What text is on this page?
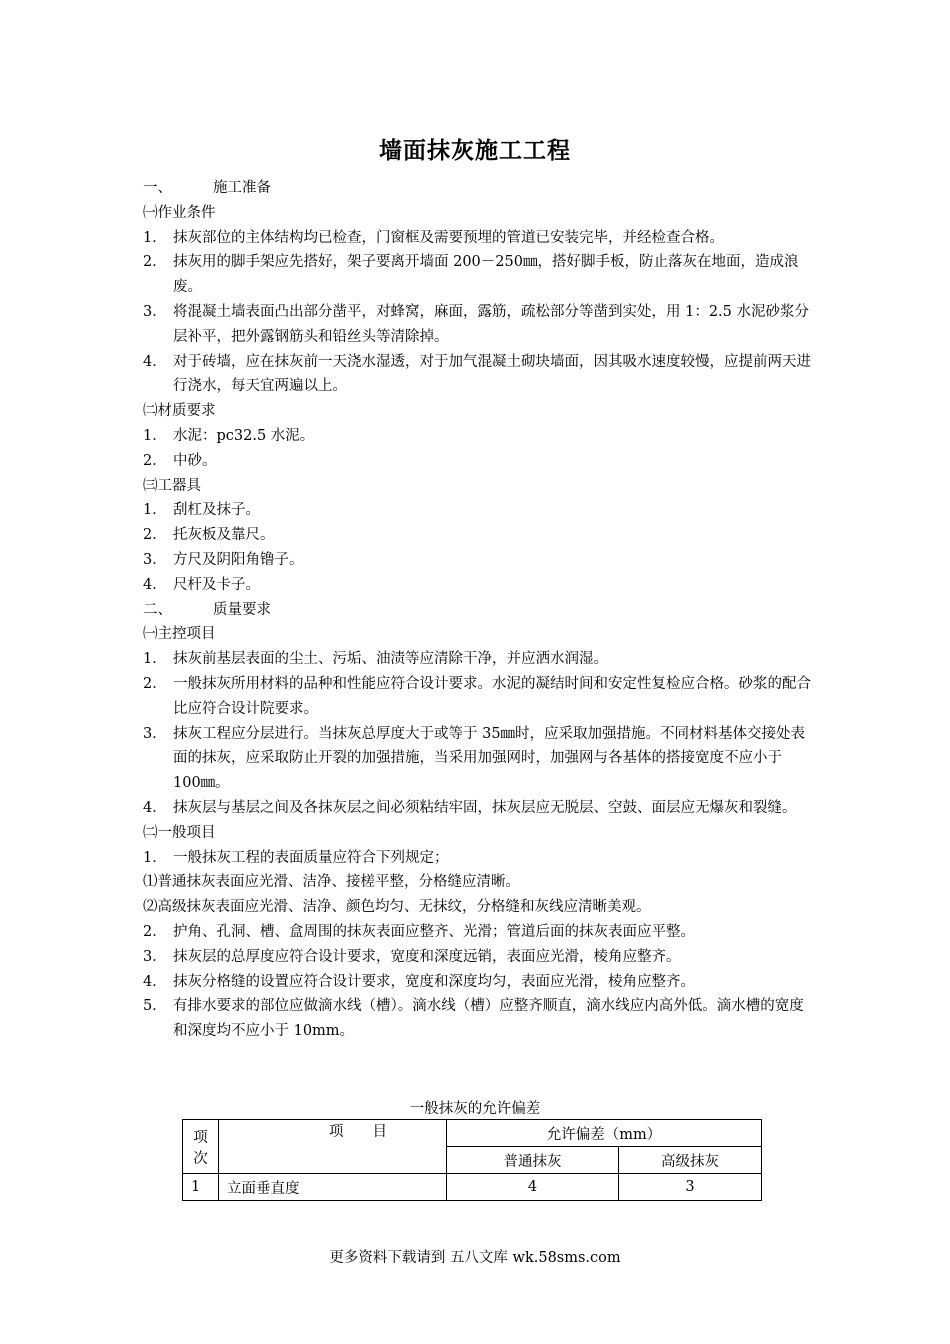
墙面抹灰施工工程
一、	施工准备
㈠作业条件
1． 抹灰部位的主体结构均已检查，门窗框及需要预埋的管道已安装完毕，并经检查合格。
2． 抹灰用的脚手架应先搭好，架子要离开墙面 200－250㎜，搭好脚手板，防止落灰在地面，造成浪废。
3． 将混凝土墙表面凸出部分凿平，对蜂窝，麻面，露筋，疏松部分等凿到实处，用 1：2.5 水泥砂浆分层补平，把外露钢筋头和铅丝头等清除掉。
4． 对于砖墙，应在抹灰前一天浇水湿透，对于加气混凝土砌块墙面，因其吸水速度较慢，应提前两天进行浇水，每天宜两遍以上。
㈡材质要求
1． 水泥：pc32.5 水泥。
2． 中砂。
㈢工器具
1． 刮杠及抹子。
2． 托灰板及靠尺。
3． 方尺及阴阳角镥子。
4． 尺杆及卡子。
二、	质量要求
㈠主控项目
1． 抹灰前基层表面的尘土、污垢、油渍等应清除干净，并应洒水润湿。
2． 一般抹灰所用材料的品种和性能应符合设计要求。水泥的凝结时间和安定性复检应合格。砂浆的配合比应符合设计院要求。
3． 抹灰工程应分层进行。当抹灰总厚度大于或等于 35㎜时，应采取加强措施。不同材料基体交接处表面的抹灰，应采取防止开裂的加强措施，当采用加强网时，加强网与各基体的搭接宽度不应小于 100㎜。
4． 抹灰层与基层之间及各抹灰层之间必须粘结牢固，抹灰层应无脱层、空鼓、面层应无爆灰和裂缝。
㈡一般项目
1． 一般抹灰工程的表面质量应符合下列规定；
⑴普通抹灰表面应光滑、洁净、接槎平整，分格缝应清晰。
⑵高级抹灰表面应光滑、洁净、颜色均匀、无抹纹，分格缝和灰线应清晰美观。
2． 护角、孔洞、槽、盒周围的抹灰表面应整齐、光滑；管道后面的抹灰表面应平整。
3． 抹灰层的总厚度应符合设计要求，宽度和深度远销，表面应光滑，棱角应整齐。
4． 抹灰分格缝的设置应符合设计要求，宽度和深度均匀，表面应光滑，棱角应整齐。
5． 有排水要求的部位应做滴水线（槽）。滴水线（槽）应整齐顺直，滴水线应内高外低。滴水槽的宽度和深度均不应小于 10mm。
一般抹灰的允许偏差
项
次	项　　目	允许偏差（mm）	
		普通抹灰	高级抹灰
1	立面垂直度	4	3
更多资料下载请到 五八文库 wk.58sms.com
